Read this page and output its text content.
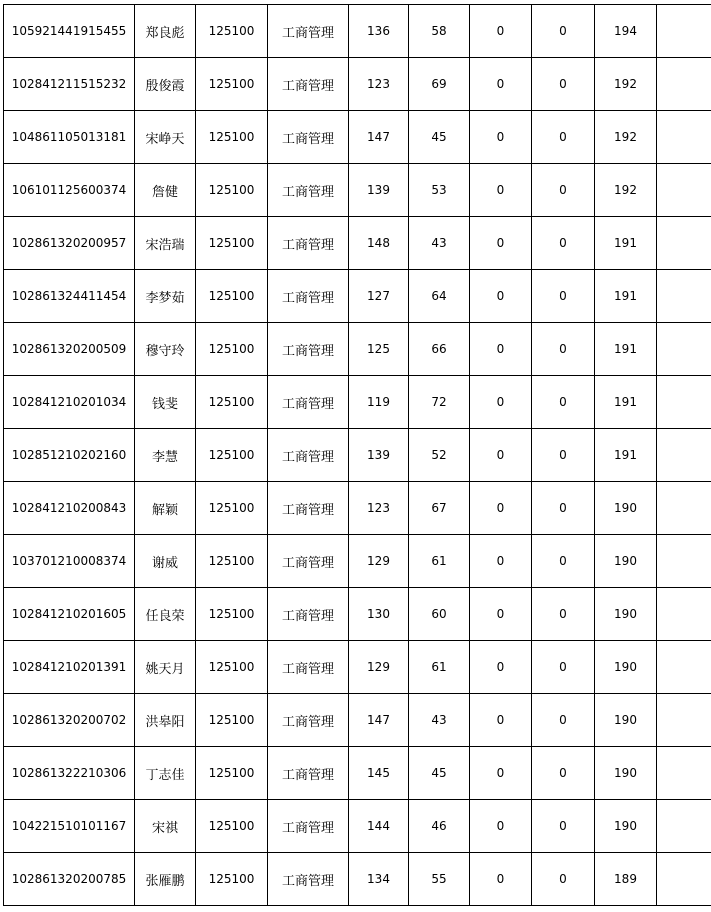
105921441915455	郑良彪	125100	工商管理	136	58	0	0	194	
102841211515232	殷俊霞	125100	工商管理	123	69	0	0	192	
104861105013181	宋峥天	125100	工商管理	147	45	0	0	192	
106101125600374	詹健	125100	工商管理	139	53	0	0	192	
102861320200957	宋浩瑞	125100	工商管理	148	43	0	0	191	
102861324411454	李梦茹	125100	工商管理	127	64	0	0	191	
102861320200509	穆守玲	125100	工商管理	125	66	0	0	191	
102841210201034	钱斐	125100	工商管理	119	72	0	0	191	
102851210202160	李慧	125100	工商管理	139	52	0	0	191	
102841210200843	解颖	125100	工商管理	123	67	0	0	190	
103701210008374	谢威	125100	工商管理	129	61	0	0	190	
102841210201605	任良荣	125100	工商管理	130	60	0	0	190	
102841210201391	姚天月	125100	工商管理	129	61	0	0	190	
102861320200702	洪皋阳	125100	工商管理	147	43	0	0	190	
102861322210306	丁志佳	125100	工商管理	145	45	0	0	190	
104221510101167	宋祺	125100	工商管理	144	46	0	0	190	
102861320200785	张雁鹏	125100	工商管理	134	55	0	0	189	
